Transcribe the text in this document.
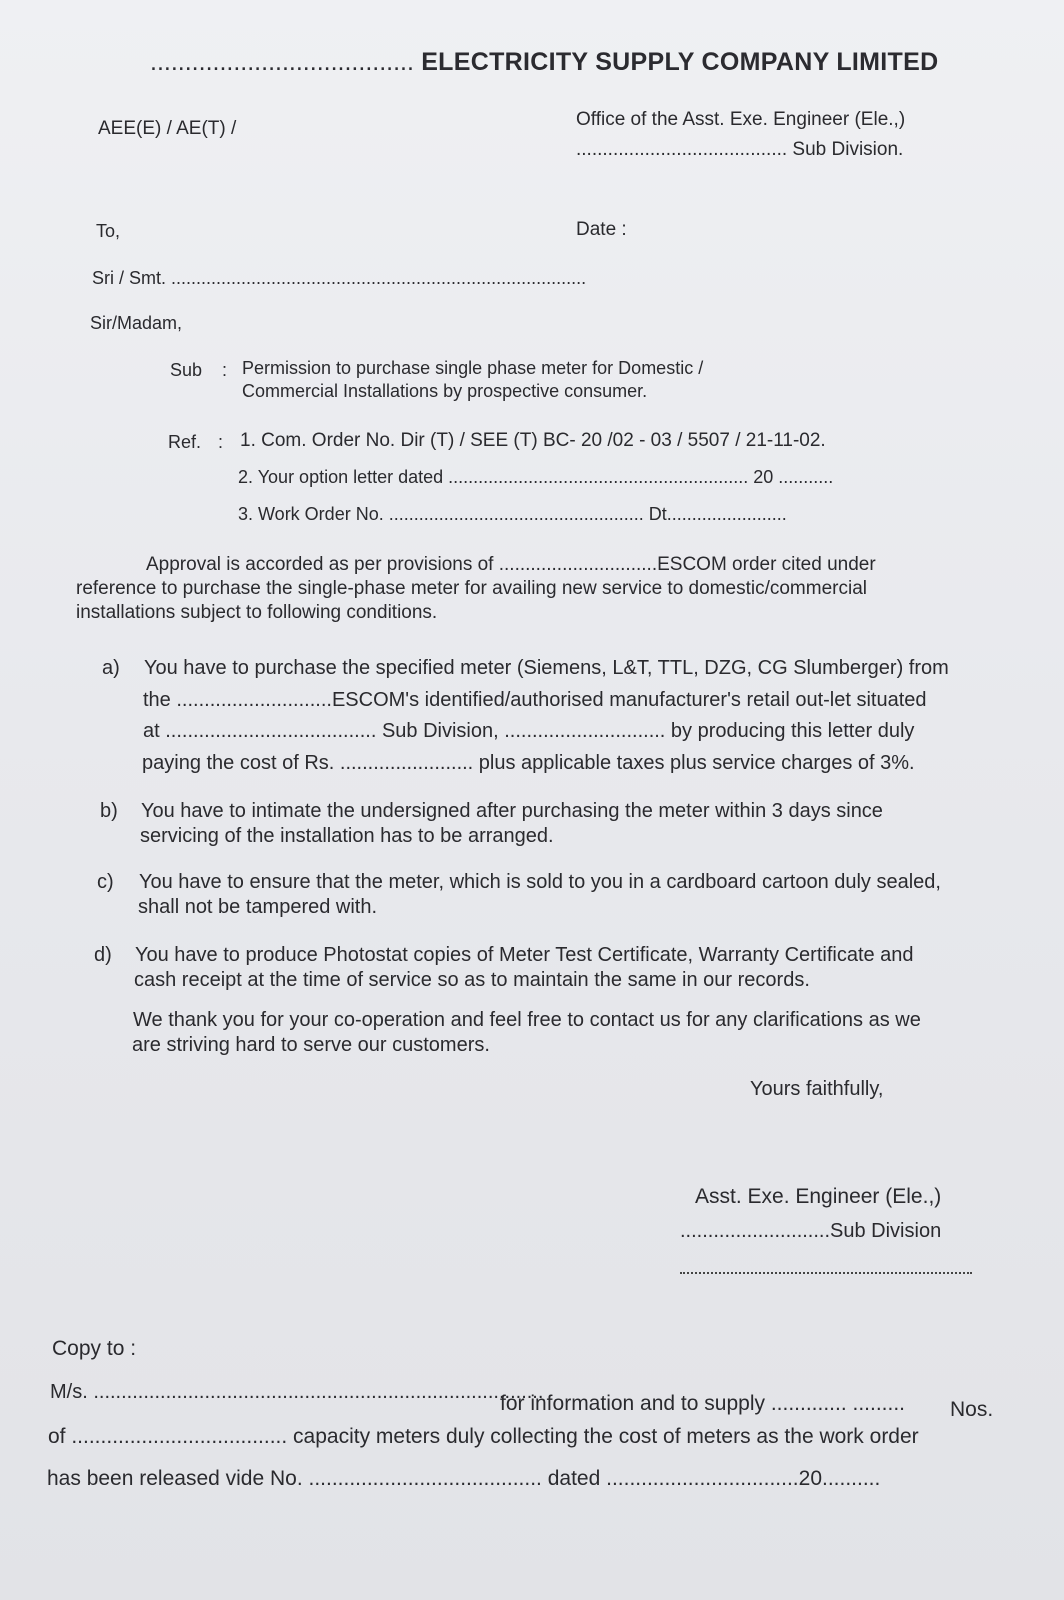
...................................... ELECTRICITY SUPPLY COMPANY LIMITED
AEE(E) / AE(T) /	Office of the Asst. Exe. Engineer (Ele.,)
........................................ Sub Division.
To,	Date :
Sri / Smt. ...................................................................................
Sir/Madam,
Sub : Permission to purchase single phase meter for Domestic /
Commercial Installations by prospective consumer.
Ref. : 1. Com. Order No. Dir (T) / SEE (T) BC- 20 /02 - 03 / 5507 / 21-11-02.
2. Your option letter dated ............................................................ 20 ...........
3. Work Order No. ................................................... Dt........................
Approval is accorded as per provisions of ..............................ESCOM order cited under
reference to purchase the single-phase meter for availing new service to domestic/commercial
installations subject to following conditions.
a) You have to purchase the specified meter (Siemens, L&T, TTL, DZG, CG Slumberger) from
the ............................ESCOM's identified/authorised manufacturer's retail out-let situated
at ...................................... Sub Division, ............................. by producing this letter duly
paying the cost of Rs. ........................ plus applicable taxes plus service charges of 3%.
b) You have to intimate the undersigned after purchasing the meter within 3 days since
servicing of the installation has to be arranged.
c) You have to ensure that the meter, which is sold to you in a cardboard cartoon duly sealed,
shall not be tampered with.
d) You have to produce Photostat copies of Meter Test Certificate, Warranty Certificate and
cash receipt at the time of service so as to maintain the same in our records.
We thank you for your co-operation and feel free to contact us for any clarifications as we
are striving hard to serve our customers.
Yours faithfully,
Asst. Exe. Engineer (Ele.,)
...........................Sub Division
Copy to :
M/s. .................................................................................
for information and to supply ............. ......... Nos.
of ..................................... capacity meters duly collecting the cost of meters as the work order
has been released vide No. ........................................ dated .................................20..........
